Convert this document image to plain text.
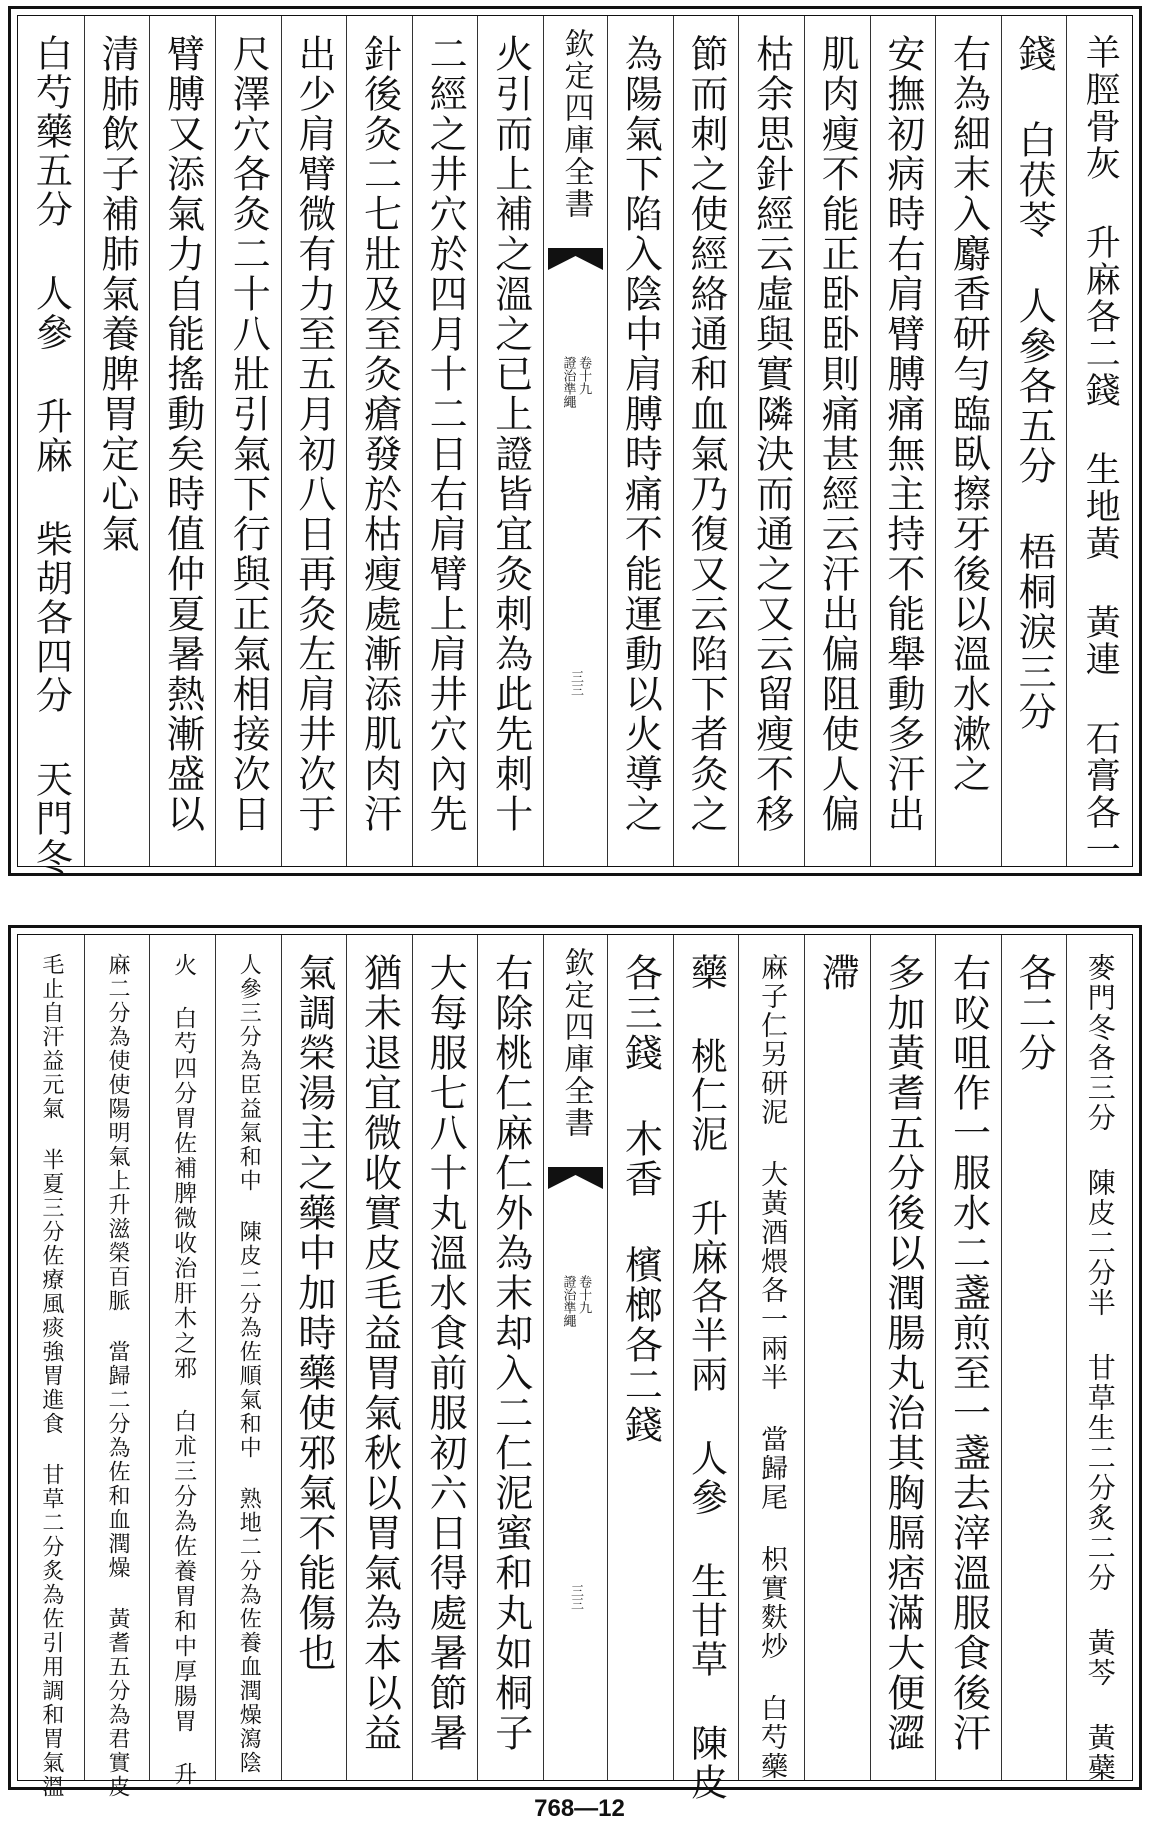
羊脛骨灰 升麻各二錢 生地黃 黃連 石膏各一
錢 白茯苓 人參各五分 梧桐淚三分
右為細末入麝香研勻臨臥擦牙後以溫水漱之
安撫初病時右肩臂膊痛無主持不能舉動多汗出
肌肉瘦不能正卧卧則痛甚經云汗出偏阻使人偏
枯余思針經云虛與實隣決而通之又云留瘦不移
節而刺之使經絡通和血氣乃復又云陷下者灸之
為陽氣下陷入陰中肩膊時痛不能運動以火導之
欽定四庫全書
證治準繩 卷十九
三三
火引而上補之溫之已上證皆宜灸刺為此先刺十
二經之井穴於四月十二日右肩臂上肩井穴內先
針後灸二七壯及至灸瘡發於枯瘦處漸添肌肉汗
出少肩臂微有力至五月初八日再灸左肩井次于
尺澤穴各灸二十八壯引氣下行與正氣相接次日
臂膊又添氣力自能搖動矣時值仲夏暑熱漸盛以
清肺飲子補肺氣養脾胃定心氣
白芍藥五分 人參 升麻 柴胡各四分 天門冬
麥門冬各三分 陳皮二分半 甘草生二分炙二分 黃芩 黃蘗
各二分
右㕮咀作一服水二盞煎至一盞去滓溫服食後汗
多加黃耆五分後以潤腸丸治其胸膈痞滿大便澀
滯
麻子仁另研泥 大黃酒煨各一兩半 當歸尾 枳實麩炒 白芍藥
藥 桃仁泥 升麻各半兩 人參 生甘草 陳皮
各三錢 木香 檳榔各二錢
欽定四庫全書
證治準繩 卷十九
三三
右除桃仁麻仁外為末却入二仁泥蜜和丸如桐子
大每服七八十丸溫水食前服初六日得處暑節暑
猶未退宜微收實皮毛益胃氣秋以胃氣為本以益
氣調榮湯主之藥中加時藥使邪氣不能傷也
人參三分為臣益氣和中 陳皮二分為佐順氣和中 熟地二分為佐養血潤燥瀉陰
火 白芍四分胃佐補脾微收治肝木之邪 白朮三分為佐養胃和中厚腸胃 升
麻二分為使使陽明氣上升滋榮百脈 當歸二分為佐和血潤燥 黃耆五分為君實皮
毛止自汗益元氣 半夏三分佐療風痰強胃進食 甘草二分炙為佐引用調和胃氣溫
768—12
